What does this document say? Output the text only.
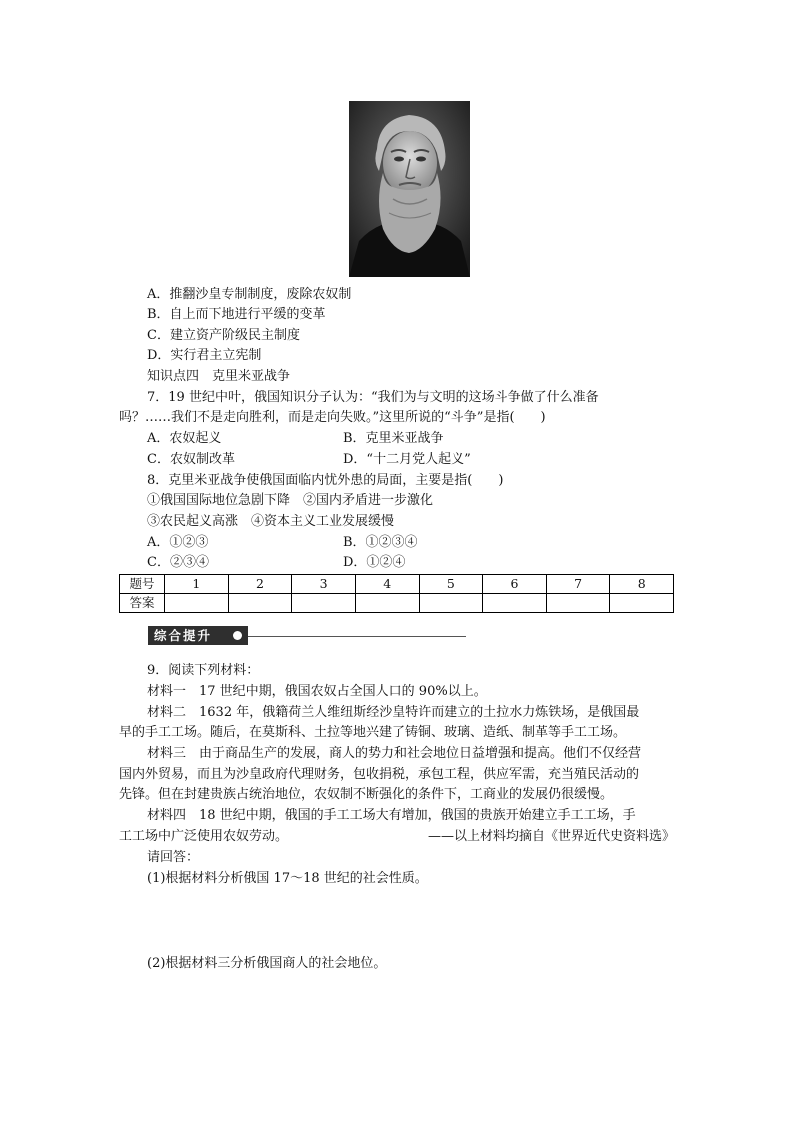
A．推翻沙皇专制制度，废除农奴制
B．自上而下地进行平缓的变革
C．建立资产阶级民主制度
D．实行君主立宪制
知识点四　克里米亚战争
7．19 世纪中叶，俄国知识分子认为：“我们为与文明的这场斗争做了什么准备
吗？……我们不是走向胜利，而是走向失败。”这里所说的“斗争”是指(　　)
A．农奴起义	B．克里米亚战争
C．农奴制改革	D．“十二月党人起义”
8．克里米亚战争使俄国面临内忧外患的局面，主要是指(　　)
①俄国国际地位急剧下降　②国内矛盾进一步激化
③农民起义高涨　④资本主义工业发展缓慢
A．①②③	B．①②③④
C．②③④	D．①②④
题号	1	2	3	4	5	6	7	8
答案								
综合提升
9．阅读下列材料：
材料一　17 世纪中期，俄国农奴占全国人口的 90%以上。
材料二　1632 年，俄籍荷兰人维纽斯经沙皇特许而建立的土拉水力炼铁场，是俄国最
早的手工工场。随后，在莫斯科、土拉等地兴建了铸铜、玻璃、造纸、制革等手工工场。
材料三　由于商品生产的发展，商人的势力和社会地位日益增强和提高。他们不仅经营
国内外贸易，而且为沙皇政府代理财务，包收捐税，承包工程，供应军需，充当殖民活动的
先锋。但在封建贵族占统治地位，农奴制不断强化的条件下，工商业的发展仍很缓慢。
材料四　18 世纪中期，俄国的手工工场大有增加，俄国的贵族开始建立手工工场，手
工工场中广泛使用农奴劳动。	——以上材料均摘自《世界近代史资料选》
请回答：
(1)根据材料分析俄国 17～18 世纪的社会性质。
(2)根据材料三分析俄国商人的社会地位。
